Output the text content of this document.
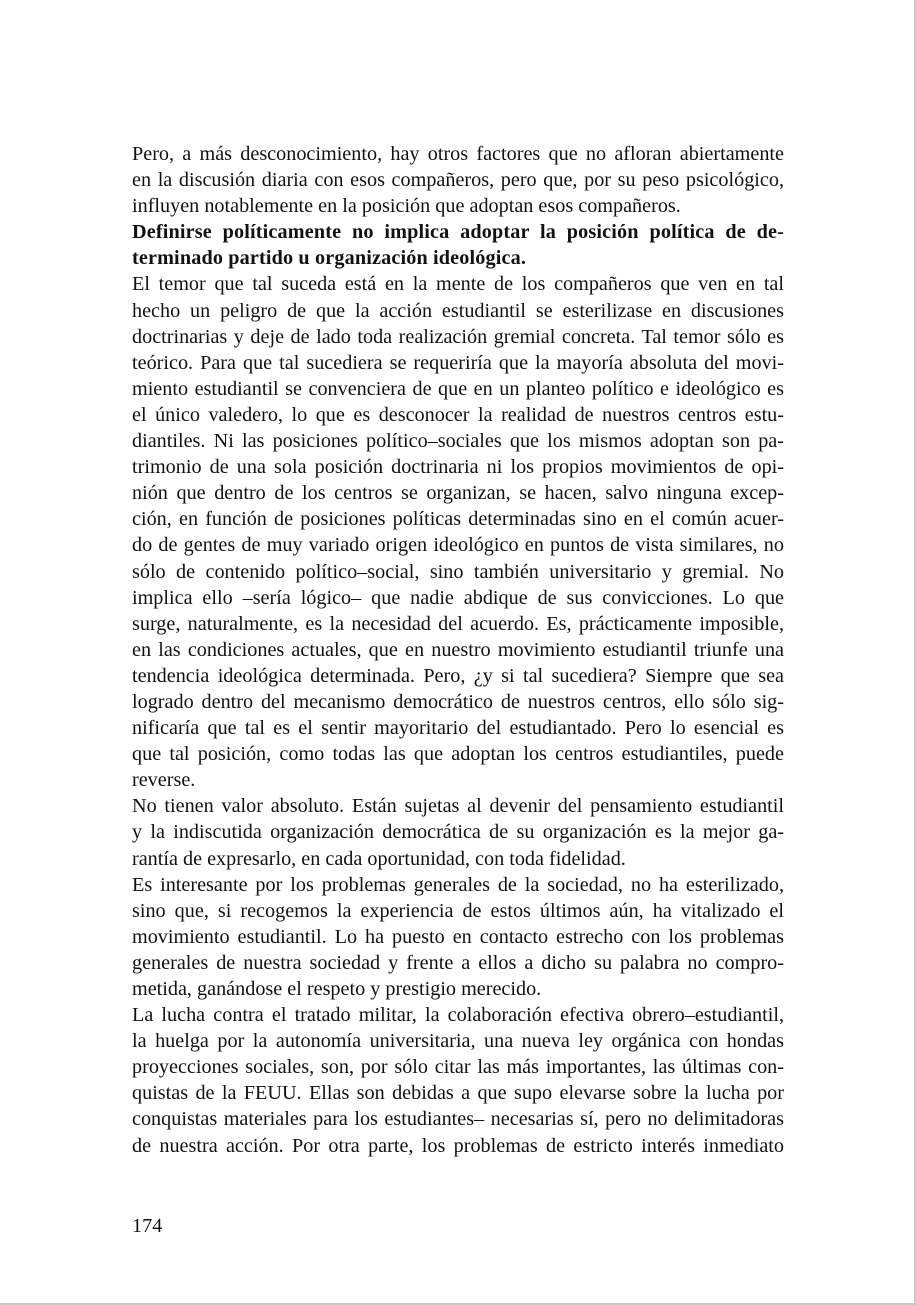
Pero, a más desconocimiento, hay otros factores que no afloran abiertamente
en la discusión diaria con esos compañeros, pero que, por su peso psicológico,
influyen notablemente en la posición que adoptan esos compañeros.
Definirse políticamente no implica adoptar la posición política de de-
terminado partido u organización ideológica.
El temor que tal suceda está en la mente de los compañeros que ven en tal
hecho un peligro de que la acción estudiantil se esterilizase en discusiones
doctrinarias y deje de lado toda realización gremial concreta. Tal temor sólo es
teórico. Para que tal sucediera se requeriría que la mayoría absoluta del movi-
miento estudiantil se convenciera de que en un planteo político e ideológico es
el único valedero, lo que es desconocer la realidad de nuestros centros estu-
diantiles. Ni las posiciones político–sociales que los mismos adoptan son pa-
trimonio de una sola posición doctrinaria ni los propios movimientos de opi-
nión que dentro de los centros se organizan, se hacen, salvo ninguna excep-
ción, en función de posiciones políticas determinadas sino en el común acuer-
do de gentes de muy variado origen ideológico en puntos de vista similares, no
sólo de contenido político–social, sino también universitario y gremial. No
implica ello –sería lógico– que nadie abdique de sus convicciones. Lo que
surge, naturalmente, es la necesidad del acuerdo. Es, prácticamente imposible,
en las condiciones actuales, que en nuestro movimiento estudiantil triunfe una
tendencia ideológica determinada. Pero, ¿y si tal sucediera? Siempre que sea
logrado dentro del mecanismo democrático de nuestros centros, ello sólo sig-
nificaría que tal es el sentir mayoritario del estudiantado. Pero lo esencial es
que tal posición, como todas las que adoptan los centros estudiantiles, puede
reverse.
No tienen valor absoluto. Están sujetas al devenir del pensamiento estudiantil
y la indiscutida organización democrática de su organización es la mejor ga-
rantía de expresarlo, en cada oportunidad, con toda fidelidad.
Es interesante por los problemas generales de la sociedad, no ha esterilizado,
sino que, si recogemos la experiencia de estos últimos aún, ha vitalizado el
movimiento estudiantil. Lo ha puesto en contacto estrecho con los problemas
generales de nuestra sociedad y frente a ellos a dicho su palabra no compro-
metida, ganándose el respeto y prestigio merecido.
La lucha contra el tratado militar, la colaboración efectiva obrero–estudiantil,
la huelga por la autonomía universitaria, una nueva ley orgánica con hondas
proyecciones sociales, son, por sólo citar las más importantes, las últimas con-
quistas de la FEUU. Ellas son debidas a que supo elevarse sobre la lucha por
conquistas materiales para los estudiantes– necesarias sí, pero no delimitadoras
de nuestra acción. Por otra parte, los problemas de estricto interés inmediato
174
